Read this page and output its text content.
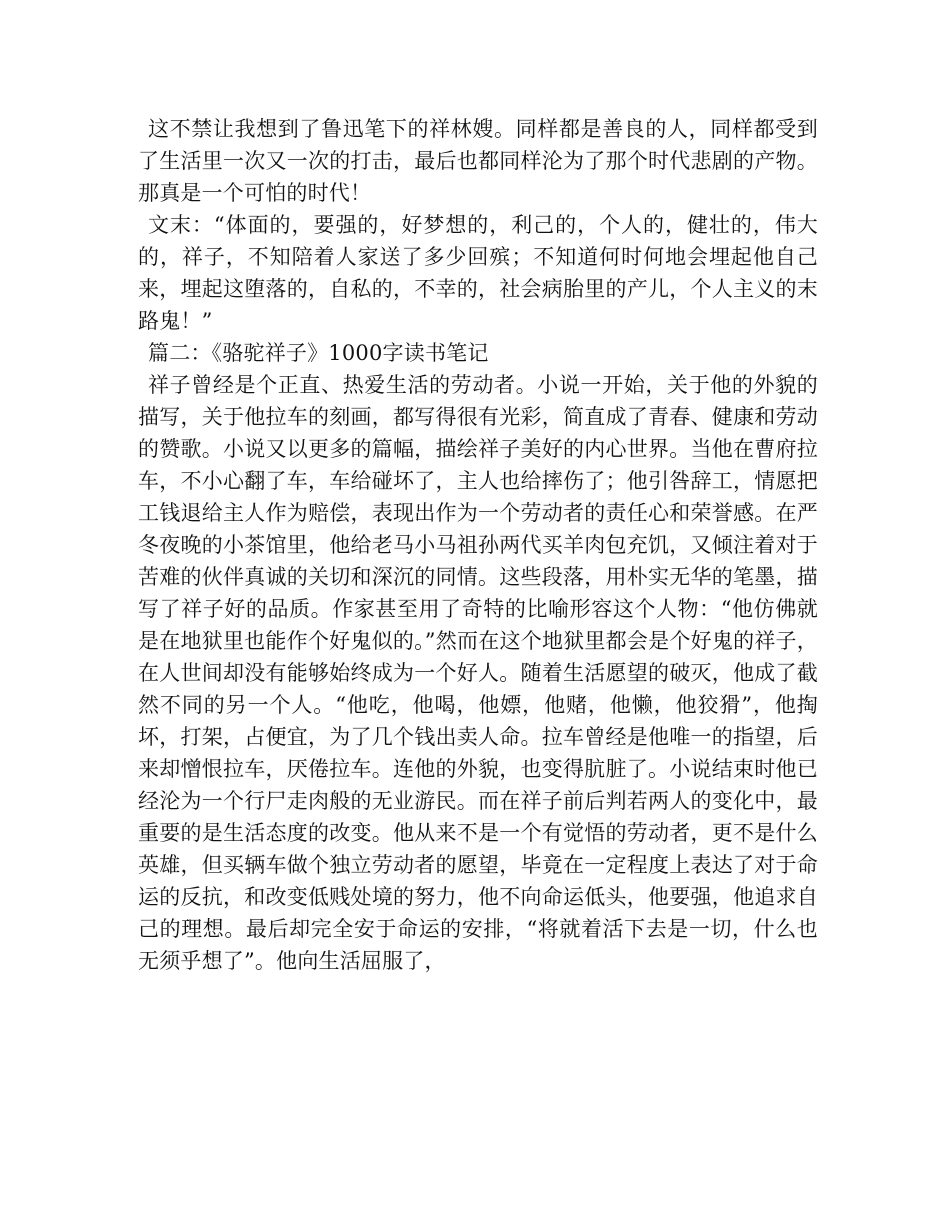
这不禁让我想到了鲁迅笔下的祥林嫂。同样都是善良的人，同样都受到了生活里一次又一次的打击，最后也都同样沦为了那个时代悲剧的产物。那真是一个可怕的时代！

文末：“体面的，要强的，好梦想的，利己的，个人的，健壮的，伟大的，祥子，不知陪着人家送了多少回殡；不知道何时何地会埋起他自己来，埋起这堕落的，自私的，不幸的，社会病胎里的产儿，个人主义的末路鬼！”

篇二：《骆驼祥子》1000字读书笔记

祥子曾经是个正直、热爱生活的劳动者。小说一开始，关于他的外貌的描写，关于他拉车的刻画，都写得很有光彩，简直成了青春、健康和劳动的赞歌。小说又以更多的篇幅，描绘祥子美好的内心世界。当他在曹府拉车，不小心翻了车，车给碰坏了，主人也给摔伤了；他引咎辞工，情愿把工钱退给主人作为赔偿，表现出作为一个劳动者的责任心和荣誉感。在严冬夜晚的小茶馆里，他给老马小马祖孙两代买羊肉包充饥，又倾注着对于苦难的伙伴真诚的关切和深沉的同情。这些段落，用朴实无华的笔墨，描写了祥子好的品质。作家甚至用了奇特的比喻形容这个人物：“他仿佛就是在地狱里也能作个好鬼似的。”然而在这个地狱里都会是个好鬼的祥子，在人世间却没有能够始终成为一个好人。随着生活愿望的破灭，他成了截然不同的另一个人。“他吃，他喝，他嫖，他赌，他懒，他狡猾”，他掏坏，打架，占便宜，为了几个钱出卖人命。拉车曾经是他唯一的指望，后来却憎恨拉车，厌倦拉车。连他的外貌，也变得肮脏了。小说结束时他已经沦为一个行尸走肉般的无业游民。而在祥子前后判若两人的变化中，最重要的是生活态度的改变。他从来不是一个有觉悟的劳动者，更不是什么英雄，但买辆车做个独立劳动者的愿望，毕竟在一定程度上表达了对于命运的反抗，和改变低贱处境的努力，他不向命运低头，他要强，他追求自己的理想。最后却完全安于命运的安排，“将就着活下去是一切，什么也无须乎想了”。他向生活屈服了，
